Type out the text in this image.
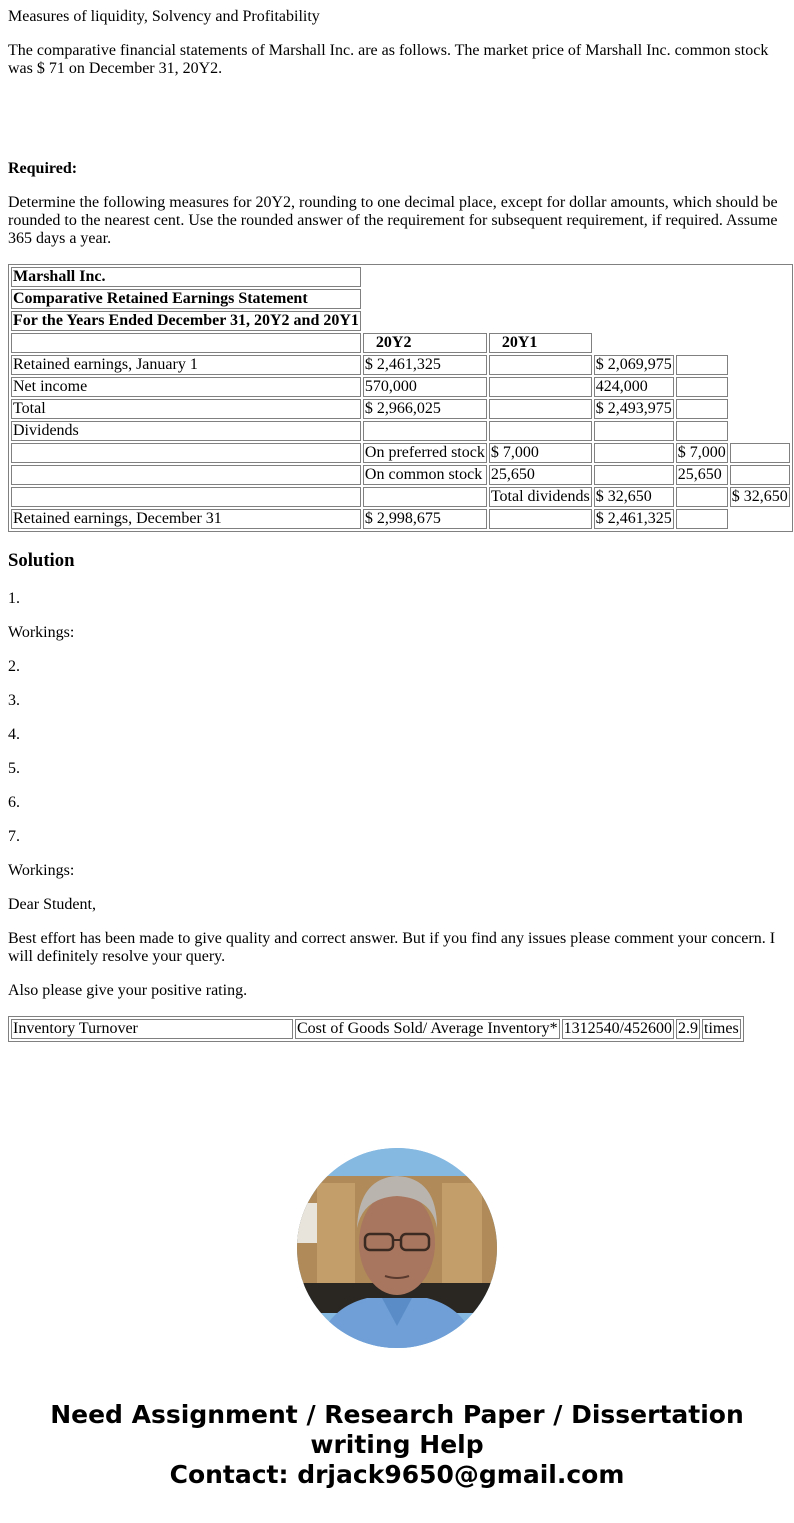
Measures of liquidity, Solvency and Profitability

The comparative financial statements of Marshall Inc. are as follows. The market price of Marshall Inc. common stock was $ 71 on December 31, 20Y2.

Required:

Determine the following measures for 20Y2, rounding to one decimal place, except for dollar amounts, which should be rounded to the nearest cent. Use the rounded answer of the requirement for subsequent requirement, if required. Assume 365 days a year.

Marshall Inc.					
Comparative Retained Earnings Statement					
For the Years Ended December 31, 20Y2 and 20Y1					
	20Y2	20Y1			
Retained earnings, January 1	$ 2,461,325		$ 2,069,975		
Net income	570,000		424,000		
Total	$ 2,966,025		$ 2,493,975		
Dividends					
	On preferred stock	$ 7,000		$ 7,000	
	On common stock	25,650		25,650	
		Total dividends	$ 32,650		$ 32,650
Retained earnings, December 31	$ 2,998,675		$ 2,461,325		
Solution

1.

Workings:

2.

3.

4.

5.

6.

7.

Workings:

Dear Student,

Best effort has been made to give quality and correct answer. But if you find any issues please comment your concern. I will definitely resolve your query.

Also please give your positive rating.

Inventory Turnover	Cost of Goods Sold/ Average Inventory*	1312540/452600	2.9	times
Need Assignment / Research Paper / Dissertation writing Help
Contact: drjack9650@gmail.com
